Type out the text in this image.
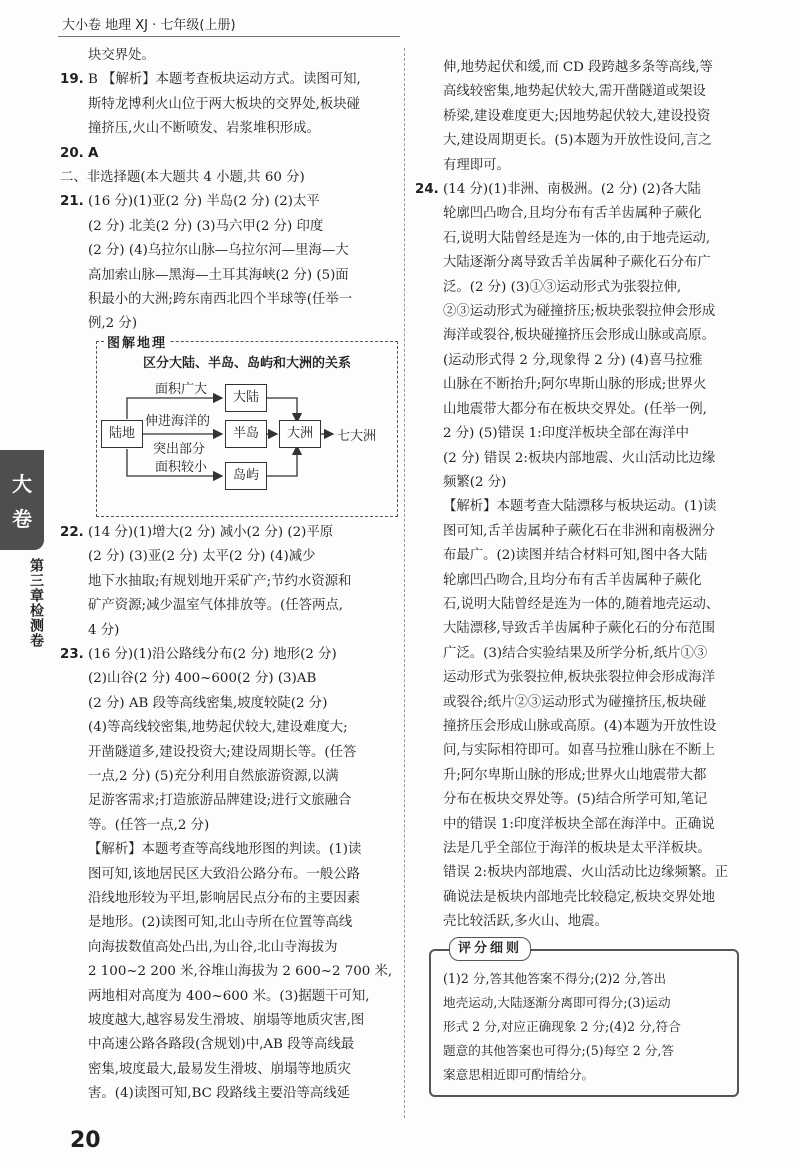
大小卷 地理 XJ · 七年级(上册)

块交界处。

19. B 【解析】本题考查板块运动方式。读图可知,

斯特龙博利火山位于两大板块的交界处,板块碰

撞挤压,火山不断喷发、岩浆堆积形成。

20. A

二、非选择题(本大题共 4 小题,共 60 分)

21. (16 分)(1)亚(2 分) 半岛(2 分) (2)太平

(2 分) 北美(2 分) (3)马六甲(2 分) 印度

(2 分) (4)乌拉尔山脉—乌拉尔河—里海—大

高加索山脉—黑海—土耳其海峡(2 分) (5)面

积最小的大洲;跨东南西北四个半球等(任举一

例,2 分)

图解地理
区分大陆、半岛、岛屿和大洲的关系
面积广大
伸进海洋的
突出部分
面积较小
陆地
大陆
半岛
岛屿
大洲	七大洲

22. (14 分)(1)增大(2 分) 减小(2 分) (2)平原

(2 分) (3)亚(2 分) 太平(2 分) (4)减少

地下水抽取;有规划地开采矿产;节约水资源和

矿产资源;减少温室气体排放等。(任答两点,

4 分)

23. (16 分)(1)沿公路线分布(2 分) 地形(2 分)

(2)山谷(2 分) 400~600(2 分) (3)AB

(2 分) AB 段等高线密集,坡度较陡(2 分)

(4)等高线较密集,地势起伏较大,建设难度大;

开凿隧道多,建设投资大;建设周期长等。(任答

一点,2 分) (5)充分利用自然旅游资源,以满

足游客需求;打造旅游品牌建设;进行文旅融合

等。(任答一点,2 分)

【解析】本题考查等高线地形图的判读。(1)读

图可知,该地居民区大致沿公路分布。一般公路

沿线地形较为平坦,影响居民点分布的主要因素

是地形。(2)读图可知,北山寺所在位置等高线

向海拔数值高处凸出,为山谷,北山寺海拔为

2 100~2 200 米,谷堆山海拔为 2 600~2 700 米,

两地相对高度为 400~600 米。(3)据题干可知,

坡度越大,越容易发生滑坡、崩塌等地质灾害,图

中高速公路各路段(含规划)中,AB 段等高线最

密集,坡度最大,最易发生滑坡、崩塌等地质灾

害。(4)读图可知,BC 段路线主要沿等高线延

伸,地势起伏和缓,而 CD 段跨越多条等高线,等

高线较密集,地势起伏较大,需开凿隧道或架设

桥梁,建设难度更大;因地势起伏较大,建设投资

大,建设周期更长。(5)本题为开放性设问,言之

有理即可。

24. (14 分)(1)非洲、南极洲。(2 分) (2)各大陆

轮廓凹凸吻合,且均分布有舌羊齿属种子蕨化

石,说明大陆曾经是连为一体的,由于地壳运动,

大陆逐渐分离导致舌羊齿属种子蕨化石分布广

泛。(2 分) (3)①③运动形式为张裂拉伸,

②③运动形式为碰撞挤压;板块张裂拉伸会形成

海洋或裂谷,板块碰撞挤压会形成山脉或高原。

(运动形式得 2 分,现象得 2 分) (4)喜马拉雅

山脉在不断抬升;阿尔卑斯山脉的形成;世界火

山地震带大都分布在板块交界处。(任举一例,

2 分) (5)错误 1:印度洋板块全部在海洋中

(2 分) 错误 2:板块内部地震、火山活动比边缘

频繁(2 分)

【解析】本题考查大陆漂移与板块运动。(1)读

图可知,舌羊齿属种子蕨化石在非洲和南极洲分

布最广。(2)读图并结合材料可知,图中各大陆

轮廓凹凸吻合,且均分布有舌羊齿属种子蕨化

石,说明大陆曾经是连为一体的,随着地壳运动、

大陆漂移,导致舌羊齿属种子蕨化石的分布范围

广泛。(3)结合实验结果及所学分析,纸片①③

运动形式为张裂拉伸,板块张裂拉伸会形成海洋

或裂谷;纸片②③运动形式为碰撞挤压,板块碰

撞挤压会形成山脉或高原。(4)本题为开放性设

问,与实际相符即可。如喜马拉雅山脉在不断上

升;阿尔卑斯山脉的形成;世界火山地震带大都

分布在板块交界处等。(5)结合所学可知,笔记

中的错误 1:印度洋板块全部在海洋中。正确说

法是几乎全部位于海洋的板块是太平洋板块。

错误 2:板块内部地震、火山活动比边缘频繁。正

确说法是板块内部地壳比较稳定,板块交界处地

壳比较活跃,多火山、地震。

评分细则
(1)2 分,答其他答案不得分;(2)2 分,答出
地壳运动,大陆逐渐分离即可得分;(3)运动
形式 2 分,对应正确现象 2 分;(4)2 分,符合
题意的其他答案也可得分;(5)每空 2 分,答
案意思相近即可酌情给分。
大
卷
第三章检测卷
20
